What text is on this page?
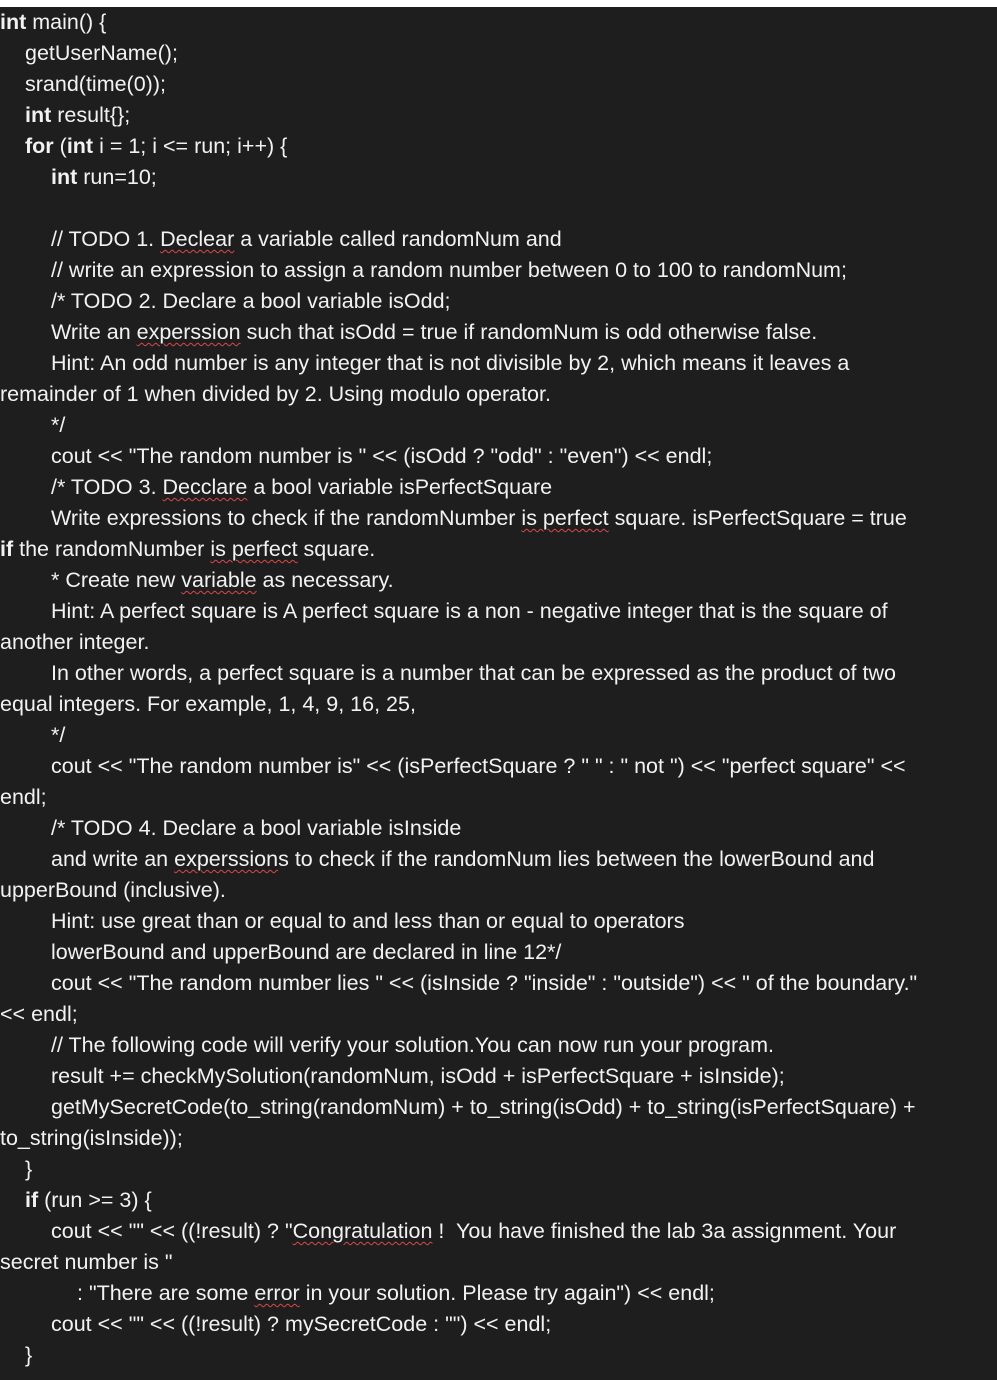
int main() {
getUserName();
srand(time(0));
int result{};
for (int i = 1; i <= run; i++) {
int run=10;
// TODO 1. Declear a variable called randomNum and
// write an expression to assign a random number between 0 to 100 to randomNum;
/* TODO 2. Declare a bool variable isOdd;
Write an experssion such that isOdd = true if randomNum is odd otherwise false.
Hint: An odd number is any integer that is not divisible by 2, which means it leaves a
remainder of 1 when divided by 2. Using modulo operator.
*/
cout << "The random number is " << (isOdd ? "odd" : "even") << endl;
/* TODO 3. Decclare a bool variable isPerfectSquare
Write expressions to check if the randomNumber is perfect square. isPerfectSquare = true
if the randomNumber is perfect square.
* Create new variable as necessary.
Hint: A perfect square is A perfect square is a non - negative integer that is the square of
another integer.
In other words, a perfect square is a number that can be expressed as the product of two
equal integers. For example, 1, 4, 9, 16, 25,
*/
cout << "The random number is" << (isPerfectSquare ? " " : " not ") << "perfect square" <<
endl;
/* TODO 4. Declare a bool variable isInside
and write an experssions to check if the randomNum lies between the lowerBound and
upperBound (inclusive).
Hint: use great than or equal to and less than or equal to operators
lowerBound and upperBound are declared in line 12*/
cout << "The random number lies " << (isInside ? "inside" : "outside") << " of the boundary."
<< endl;
// The following code will verify your solution.You can now run your program.
result += checkMySolution(randomNum, isOdd + isPerfectSquare + isInside);
getMySecretCode(to_string(randomNum) + to_string(isOdd) + to_string(isPerfectSquare) +
to_string(isInside));
}
if (run >= 3) {
cout << "" << ((!result) ? "Congratulation !  You have finished the lab 3a assignment. Your
secret number is "
: "There are some error in your solution. Please try again") << endl;
cout << "" << ((!result) ? mySecretCode : "") << endl;
}
